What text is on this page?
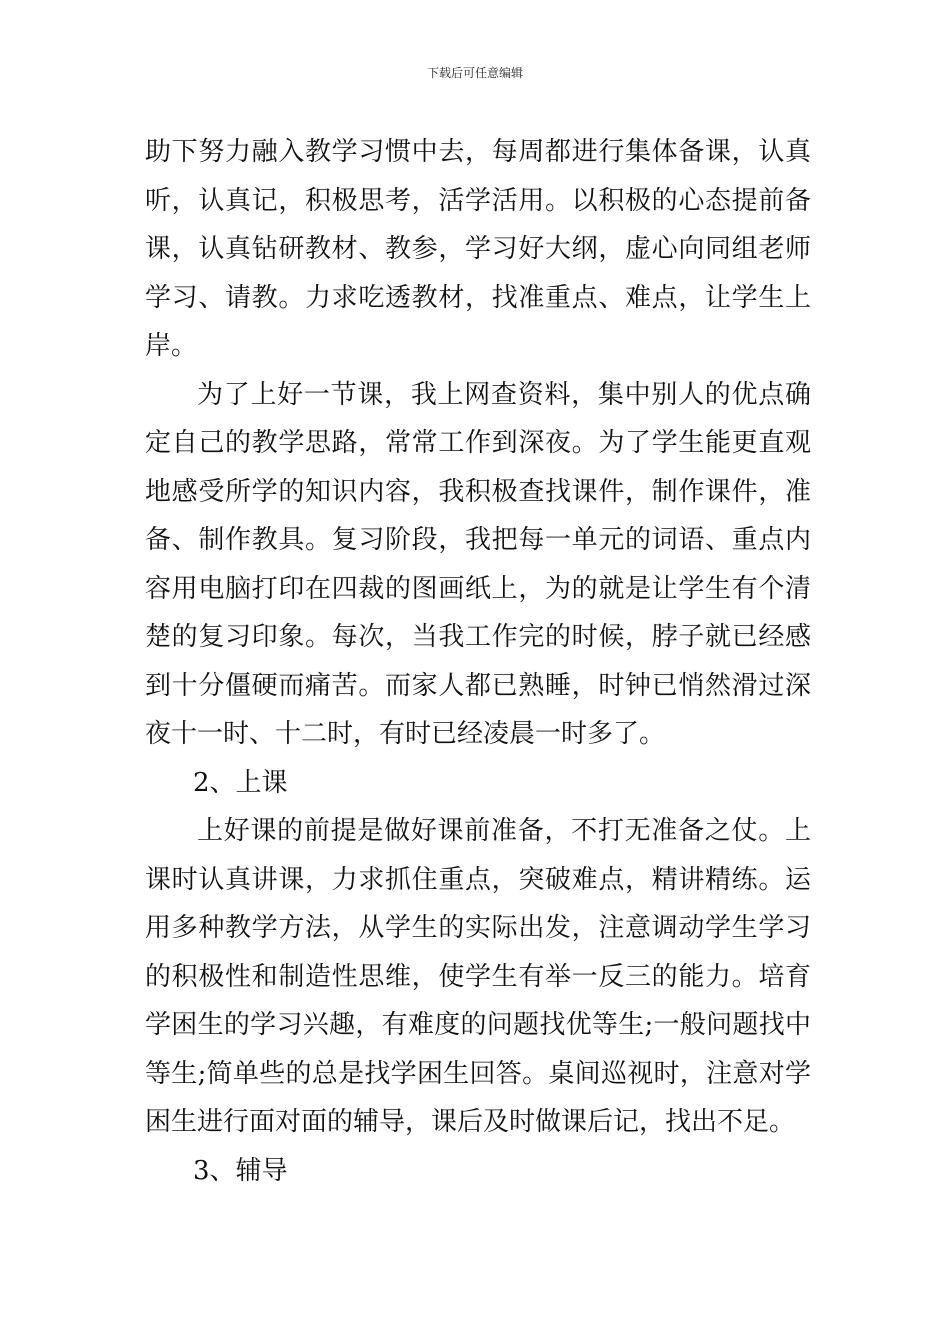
下载后可任意编辑

助下努力融入教学习惯中去，每周都进行集体备课，认真听，认真记，积极思考，活学活用。以积极的心态提前备课，认真钻研教材、教参，学习好大纲，虚心向同组老师学习、请教。力求吃透教材，找准重点、难点，让学生上岸。

为了上好一节课，我上网查资料，集中别人的优点确定自己的教学思路，常常工作到深夜。为了学生能更直观地感受所学的知识内容，我积极查找课件，制作课件，准备、制作教具。复习阶段，我把每一单元的词语、重点内容用电脑打印在四裁的图画纸上，为的就是让学生有个清楚的复习印象。每次，当我工作完的时候，脖子就已经感到十分僵硬而痛苦。而家人都已熟睡，时钟已悄然滑过深夜十一时、十二时，有时已经凌晨一时多了。

2、上课

上好课的前提是做好课前准备，不打无准备之仗。上课时认真讲课，力求抓住重点，突破难点，精讲精练。运用多种教学方法，从学生的实际出发，注意调动学生学习的积极性和制造性思维，使学生有举一反三的能力。培育学困生的学习兴趣，有难度的问题找优等生;一般问题找中等生;简单些的总是找学困生回答。桌间巡视时，注意对学困生进行面对面的辅导，课后及时做课后记，找出不足。

3、辅导
